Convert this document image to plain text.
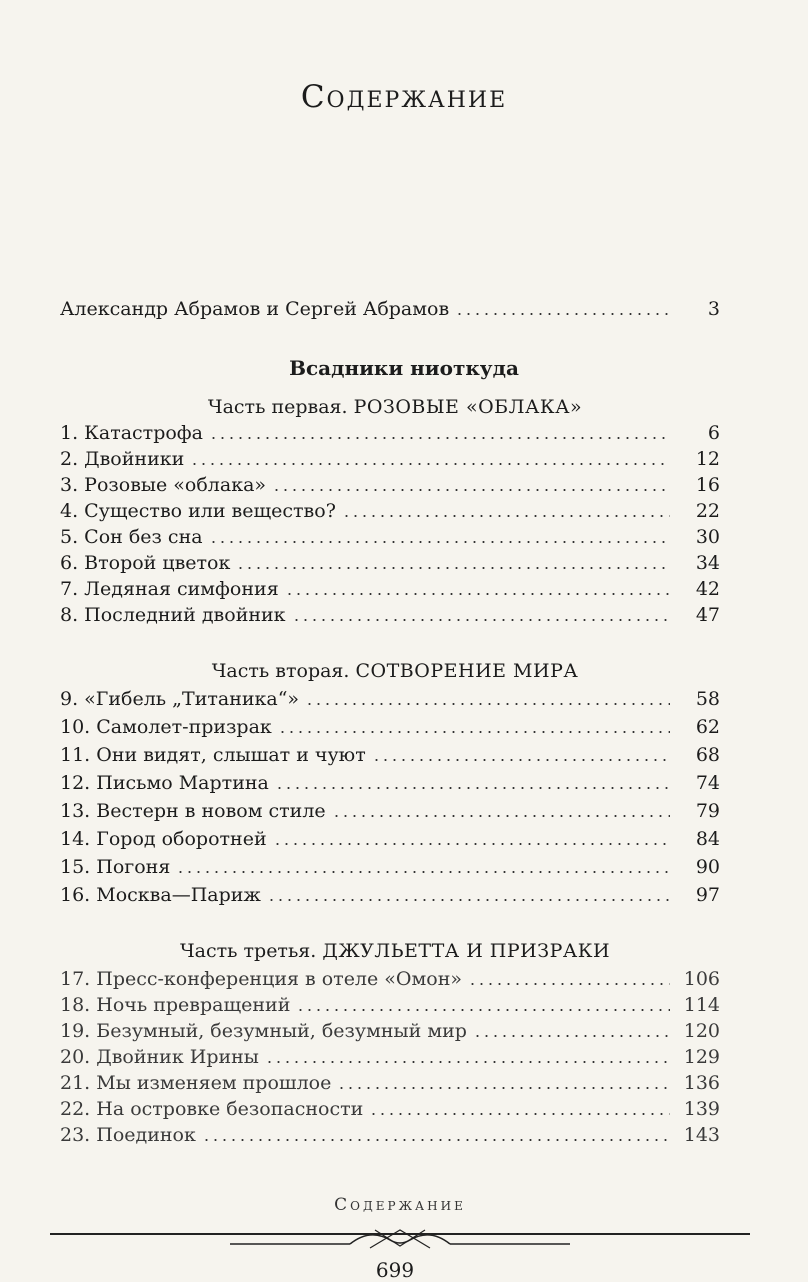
Содержание
Александр Абрамов и Сергей Абрамов	3
Всадники ниоткуда
Часть первая. РОЗОВЫЕ «ОБЛАКА»
1. Катастрофа	6
2. Двойники	12
3. Розовые «облака»	16
4. Существо или вещество?	22
5. Сон без сна	30
6. Второй цветок	34
7. Ледяная симфония	42
8. Последний двойник	47
Часть вторая. СОТВОРЕНИЕ МИРА
9. «Гибель „Титаника“»	58
10. Самолет-призрак	62
11. Они видят, слышат и чуют	68
12. Письмо Мартина	74
13. Вестерн в новом стиле	79
14. Город оборотней	84
15. Погоня	90
16. Москва—Париж	97
Часть третья. ДЖУЛЬЕТТА И ПРИЗРАКИ
17. Пресс-конференция в отеле «Омон»	106
18. Ночь превращений	114
19. Безумный, безумный, безумный мир	120
20. Двойник Ирины	129
21. Мы изменяем прошлое	136
22. На островке безопасности	139
23. Поединок	143
Содержание
699
